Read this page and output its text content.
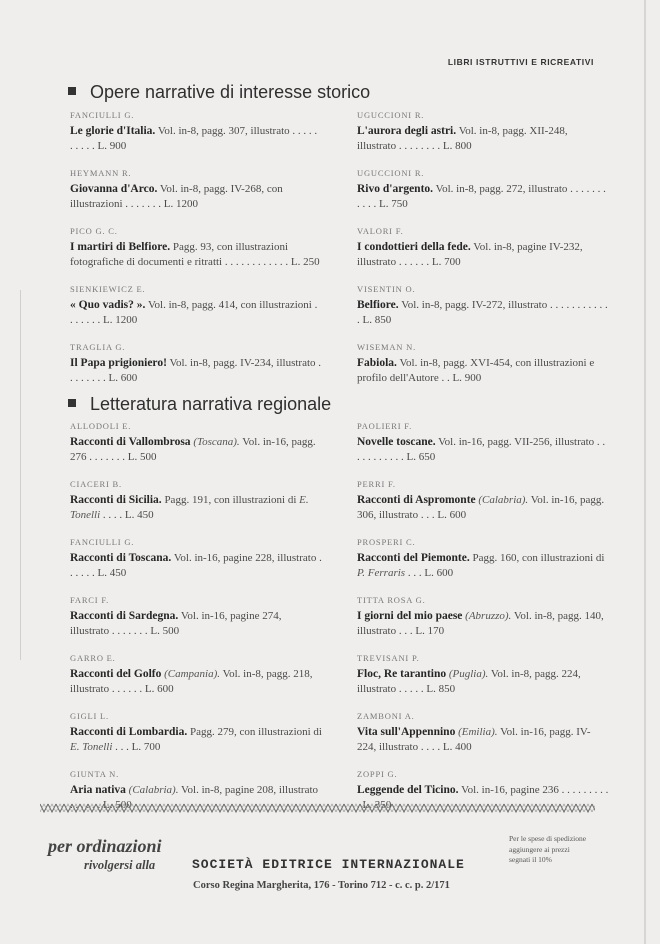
LIBRI ISTRUTTIVI E RICREATIVI
Opere narrative di interesse storico
FANCIULLI G.
Le glorie d'Italia. Vol. in-8, pagg. 307, illustrato . . . . . . . . . . L. 900
HEYMANN R.
Giovanna d'Arco. Vol. in-8, pagg. IV-268, con illustrazioni . . . . . . . L. 1200
PICO G. C.
I martiri di Belfiore. Pagg. 93, con illustrazioni fotografiche di documenti e ritratti . . . . . . . . . . . . L. 250
SIENKIEWICZ E.
« Quo vadis? ». Vol. in-8, pagg. 414, con illustrazioni . . . . . . . L. 1200
TRAGLIA G.
Il Papa prigioniero! Vol. in-8, pagg. IV-234, illustrato . . . . . . . . L. 600
UGUCCIONI R.
L'aurora degli astri. Vol. in-8, pagg. XII-248, illustrato . . . . . . . . L. 800
UGUCCIONI R.
Rivo d'argento. Vol. in-8, pagg. 272, illustrato . . . . . . . . . . . L. 750
VALORI F.
I condottieri della fede. Vol. in-8, pagine IV-232, illustrato . . . . . . L. 700
VISENTIN O.
Belfiore. Vol. in-8, pagg. IV-272, illustrato . . . . . . . . . . . . L. 850
WISEMAN N.
Fabiola. Vol. in-8, pagg. XVI-454, con illustrazioni e profilo dell'Autore . . L. 900
Letteratura narrativa regionale
ALLODOLI E.
Racconti di Vallombrosa (Toscana). Vol. in-16, pagg. 276 . . . . . . . L. 500
CIACERI B.
Racconti di Sicilia. Pagg. 191, con illustrazioni di E. Tonelli . . . . L. 450
FANCIULLI G.
Racconti di Toscana. Vol. in-16, pagine 228, illustrato . . . . . . L. 450
FARCI F.
Racconti di Sardegna. Vol. in-16, pagine 274, illustrato . . . . . . . L. 500
GARRO E.
Racconti del Golfo (Campania). Vol. in-8, pagg. 218, illustrato . . . . . . L. 600
GIGLI L.
Racconti di Lombardia. Pagg. 279, con illustrazioni di E. Tonelli . . . L. 700
GIUNTA N.
Aria nativa (Calabria). Vol. in-8, pagine 208, illustrato
PAOLIERI F.
Novelle toscane. Vol. in-16, pagg. VII-256, illustrato . . . . . . . . . . . L. 650
PERRI F.
Racconti di Aspromonte (Calabria). Vol. in-16, pagg. 306, illustrato . . . L. 600
PROSPERI C.
Racconti del Piemonte. Pagg. 160, con illustrazioni di P. Ferraris . . . L. 600
TITTA ROSA G.
I giorni del mio paese (Abruzzo). Vol. in-8, pagg. 140, illustrato . . . L. 170
TREVISANI P.
Floc, Re tarantino (Puglia). Vol. in-8, pagg. 224, illustrato . . . . . L. 850
ZAMBONI A.
Vita sull'Appennino (Emilia). Vol. in-16, pagg. IV-224, illustrato . . . . L. 400
ZOPPI G.
Leggende del Ticino. Vol. in-16, pagine 236 . . . . . . . . .
per ordinazioni
rivolgersi alla	SOCIETÀ EDITRICE INTERNAZIONALE
Corso Regina Margherita, 176 - Torino 712 - c. c. p. 2/171
Per le spese di spedizione aggiungere ai prezzi segnati il 10%
